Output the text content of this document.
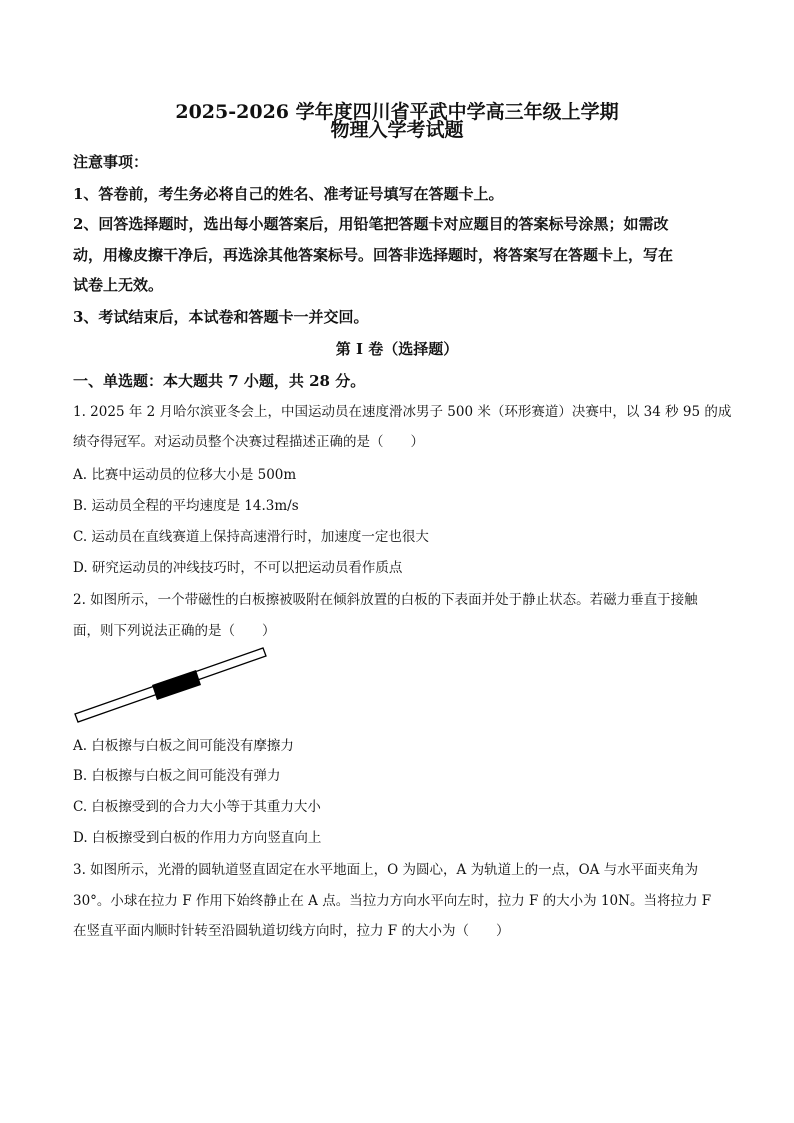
2025-2026 学年度四川省平武中学高三年级上学期
物理入学考试题
注意事项：
1、答卷前，考生务必将自己的姓名、准考证号填写在答题卡上。
2、回答选择题时，选出每小题答案后，用铅笔把答题卡对应题目的答案标号涂黑；如需改
动，用橡皮擦干净后，再选涂其他答案标号。回答非选择题时，将答案写在答题卡上，写在
试卷上无效。
3、考试结束后，本试卷和答题卡一并交回。
第 I 卷（选择题）
一、单选题：本大题共 7 小题，共 28 分。
1. 2025 年 2 月哈尔滨亚冬会上，中国运动员在速度滑冰男子 500 米（环形赛道）决赛中，以 34 秒 95 的成
绩夺得冠军。对运动员整个决赛过程描述正确的是（　　）
A. 比赛中运动员的位移大小是 500m
B. 运动员全程的平均速度是 14.3m/s
C. 运动员在直线赛道上保持高速滑行时，加速度一定也很大
D. 研究运动员的冲线技巧时，不可以把运动员看作质点
2. 如图所示，一个带磁性的白板擦被吸附在倾斜放置的白板的下表面并处于静止状态。若磁力垂直于接触
面，则下列说法正确的是（　　）
A. 白板擦与白板之间可能没有摩擦力
B. 白板擦与白板之间可能没有弹力
C. 白板擦受到的合力大小等于其重力大小
D. 白板擦受到白板的作用力方向竖直向上
3. 如图所示，光滑的圆轨道竖直固定在水平地面上，O 为圆心，A 为轨道上的一点，OA 与水平面夹角为
30°。小球在拉力 F 作用下始终静止在 A 点。当拉力方向水平向左时，拉力 F 的大小为 10N。当将拉力 F
在竖直平面内顺时针转至沿圆轨道切线方向时，拉力 F 的大小为（　　）
